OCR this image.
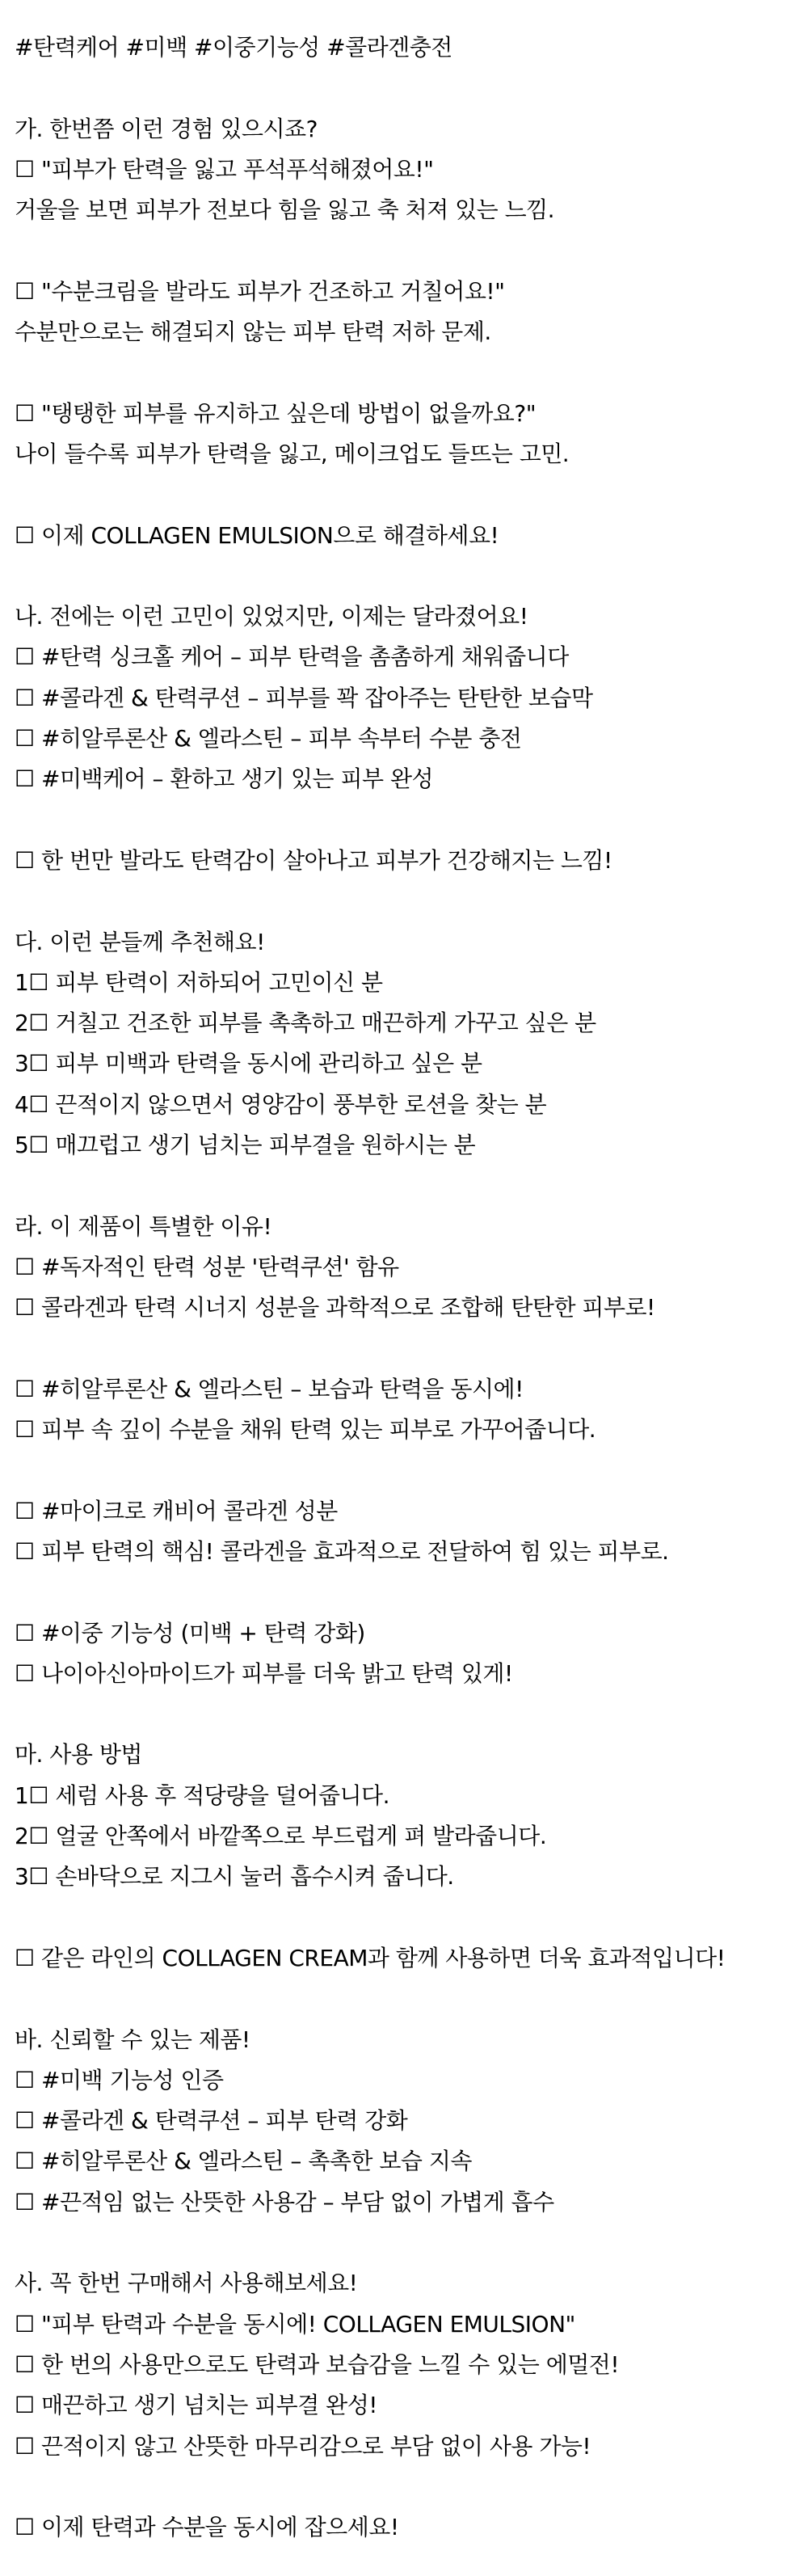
#탄력케어 #미백 #이중기능성 #콜라겐충전
가. 한번쯤 이런 경험 있으시죠?
☐ "피부가 탄력을 잃고 푸석푸석해졌어요!"
거울을 보면 피부가 전보다 힘을 잃고 축 처져 있는 느낌.
☐ "수분크림을 발라도 피부가 건조하고 거칠어요!"
수분만으로는 해결되지 않는 피부 탄력 저하 문제.
☐ "탱탱한 피부를 유지하고 싶은데 방법이 없을까요?"
나이 들수록 피부가 탄력을 잃고, 메이크업도 들뜨는 고민.
☐ 이제 COLLAGEN EMULSION으로 해결하세요!
나. 전에는 이런 고민이 있었지만, 이제는 달라졌어요!
☐ #탄력 싱크홀 케어 – 피부 탄력을 촘촘하게 채워줍니다
☐ #콜라겐 & 탄력쿠션 – 피부를 꽉 잡아주는 탄탄한 보습막
☐ #히알루론산 & 엘라스틴 – 피부 속부터 수분 충전
☐ #미백케어 – 환하고 생기 있는 피부 완성
☐ 한 번만 발라도 탄력감이 살아나고 피부가 건강해지는 느낌!
다. 이런 분들께 추천해요!
1☐ 피부 탄력이 저하되어 고민이신 분
2☐ 거칠고 건조한 피부를 촉촉하고 매끈하게 가꾸고 싶은 분
3☐ 피부 미백과 탄력을 동시에 관리하고 싶은 분
4☐ 끈적이지 않으면서 영양감이 풍부한 로션을 찾는 분
5☐ 매끄럽고 생기 넘치는 피부결을 원하시는 분
라. 이 제품이 특별한 이유!
☐ #독자적인 탄력 성분 '탄력쿠션' 함유
☐ 콜라겐과 탄력 시너지 성분을 과학적으로 조합해 탄탄한 피부로!
☐ #히알루론산 & 엘라스틴 – 보습과 탄력을 동시에!
☐ 피부 속 깊이 수분을 채워 탄력 있는 피부로 가꾸어줍니다.
☐ #마이크로 캐비어 콜라겐 성분
☐ 피부 탄력의 핵심! 콜라겐을 효과적으로 전달하여 힘 있는 피부로.
☐ #이중 기능성 (미백 + 탄력 강화)
☐ 나이아신아마이드가 피부를 더욱 밝고 탄력 있게!
마. 사용 방법
1☐ 세럼 사용 후 적당량을 덜어줍니다.
2☐ 얼굴 안쪽에서 바깥쪽으로 부드럽게 펴 발라줍니다.
3☐ 손바닥으로 지그시 눌러 흡수시켜 줍니다.
☐ 같은 라인의 COLLAGEN CREAM과 함께 사용하면 더욱 효과적입니다!
바. 신뢰할 수 있는 제품!
☐ #미백 기능성 인증
☐ #콜라겐 & 탄력쿠션 – 피부 탄력 강화
☐ #히알루론산 & 엘라스틴 – 촉촉한 보습 지속
☐ #끈적임 없는 산뜻한 사용감 – 부담 없이 가볍게 흡수
사. 꼭 한번 구매해서 사용해보세요!
☐ "피부 탄력과 수분을 동시에! COLLAGEN EMULSION"
☐ 한 번의 사용만으로도 탄력과 보습감을 느낄 수 있는 에멀전!
☐ 매끈하고 생기 넘치는 피부결 완성!
☐ 끈적이지 않고 산뜻한 마무리감으로 부담 없이 사용 가능!
☐ 이제 탄력과 수분을 동시에 잡으세요!
